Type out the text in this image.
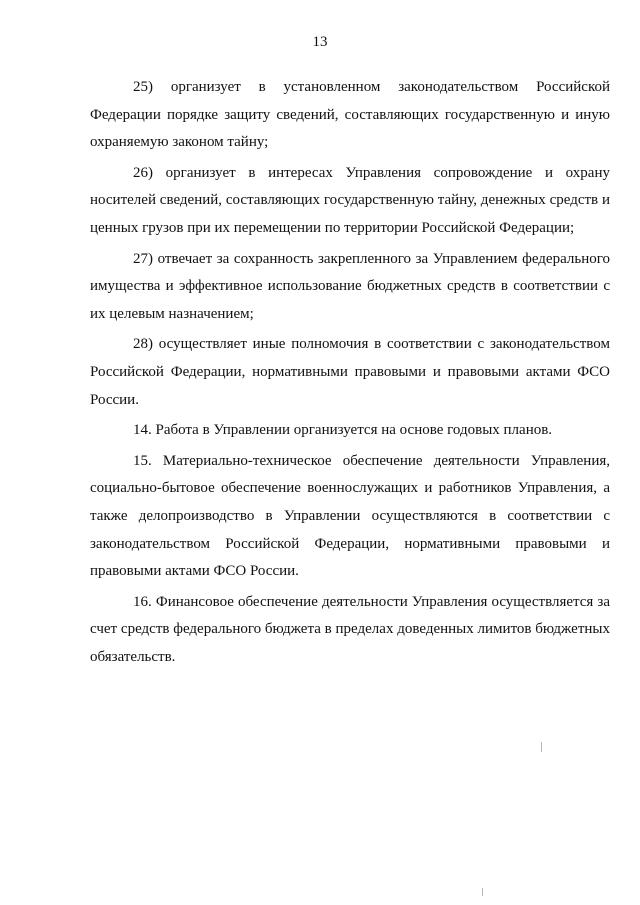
13

25) организует в установленном законодательством Российской Федерации порядке защиту сведений, составляющих государственную и иную охраняемую законом тайну;

26) организует в интересах Управления сопровождение и охрану носителей сведений, составляющих государственную тайну, денежных средств и ценных грузов при их перемещении по территории Российской Федерации;

27) отвечает за сохранность закрепленного за Управлением федерального имущества и эффективное использование бюджетных средств в соответствии с их целевым назначением;

28) осуществляет иные полномочия в соответствии с законодательством Российской Федерации, нормативными правовыми и правовыми актами ФСО России.

14. Работа в Управлении организуется на основе годовых планов.

15. Материально-техническое обеспечение деятельности Управления, социально-бытовое обеспечение военнослужащих и работников Управления, а также делопроизводство в Управлении осуществляются в соответствии с законодательством Российской Федерации, нормативными правовыми и правовыми актами ФСО России.

16. Финансовое обеспечение деятельности Управления осуществляется за счет средств федерального бюджета в пределах доведенных лимитов бюджетных обязательств.
